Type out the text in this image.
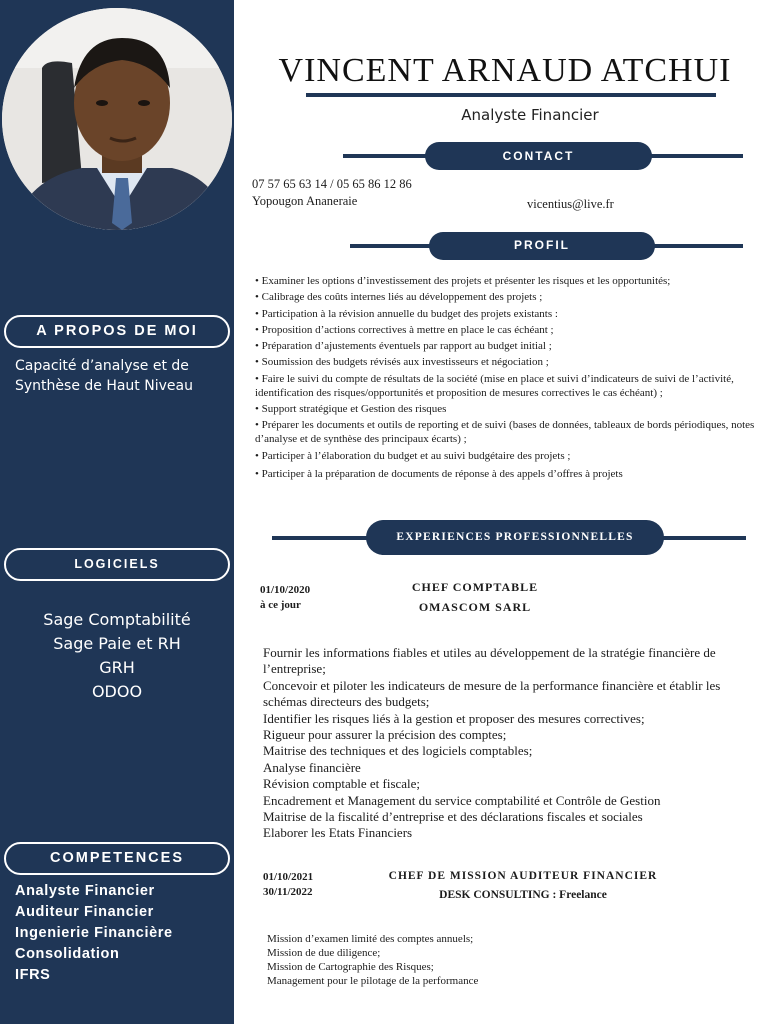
A PROPOS DE MOI
Capacité d’analyse et de Synthèse de Haut Niveau
LOGICIELS
Sage Comptabilité
Sage Paie et RH
GRH
ODOO
COMPETENCES
Analyste Financier
Auditeur Financier
Ingenierie Financière
Consolidation
IFRS
VINCENT ARNAUD ATCHUI
Analyste Financier
CONTACT
07 57 65 63 14 / 05 65 86 12 86
Yopougon Ananeraie	vicentius@live.fr
PROFIL
• Examiner les options d’investissement des projets et présenter les risques et les opportunités;
• Calibrage des coûts internes liés au développement des projets ;
• Participation à la révision annuelle du budget des projets existants :
• Proposition d’actions correctives à mettre en place le cas échéant ;
• Préparation d’ajustements éventuels par rapport au budget initial ;
• Soumission des budgets révisés aux investisseurs et négociation ;
• Faire le suivi du compte de résultats de la société (mise en place et suivi d’indicateurs de suivi de l’activité, identification des risques/opportunités et proposition de mesures correctives le cas échéant) ;
• Support stratégique et Gestion des risques
• Préparer les documents et outils de reporting et de suivi (bases de données, tableaux de bords périodiques, notes d’analyse et de synthèse des principaux écarts) ;
• Participer à l’élaboration du budget et au suivi budgétaire des projets ;
• Participer à la préparation de documents de réponse à des appels d’offres à projets
EXPERIENCES PROFESSIONNELLES
01/10/2020
à ce jour
CHEF COMPTABLE
OMASCOM SARL
Fournir les informations fiables et utiles au développement de la stratégie financière de l’entreprise;
Concevoir et piloter les indicateurs de mesure de la performance financière et établir les schémas directeurs des budgets;
Identifier les risques liés à la gestion et proposer des mesures correctives;
Rigueur pour assurer la précision des comptes;
Maitrise des techniques et des logiciels comptables;
Analyse financière
Révision comptable et fiscale;
Encadrement et Management du service comptabilité et Contrôle de Gestion
Maitrise de la fiscalité d’entreprise et des déclarations fiscales et sociales
Elaborer les Etats Financiers
01/10/2021
30/11/2022
CHEF DE MISSION AUDITEUR FINANCIER
DESK CONSULTING : Freelance
Mission d’examen limité des comptes annuels;
Mission de due diligence;
Mission de Cartographie des Risques;
Management pour le pilotage de la performance
